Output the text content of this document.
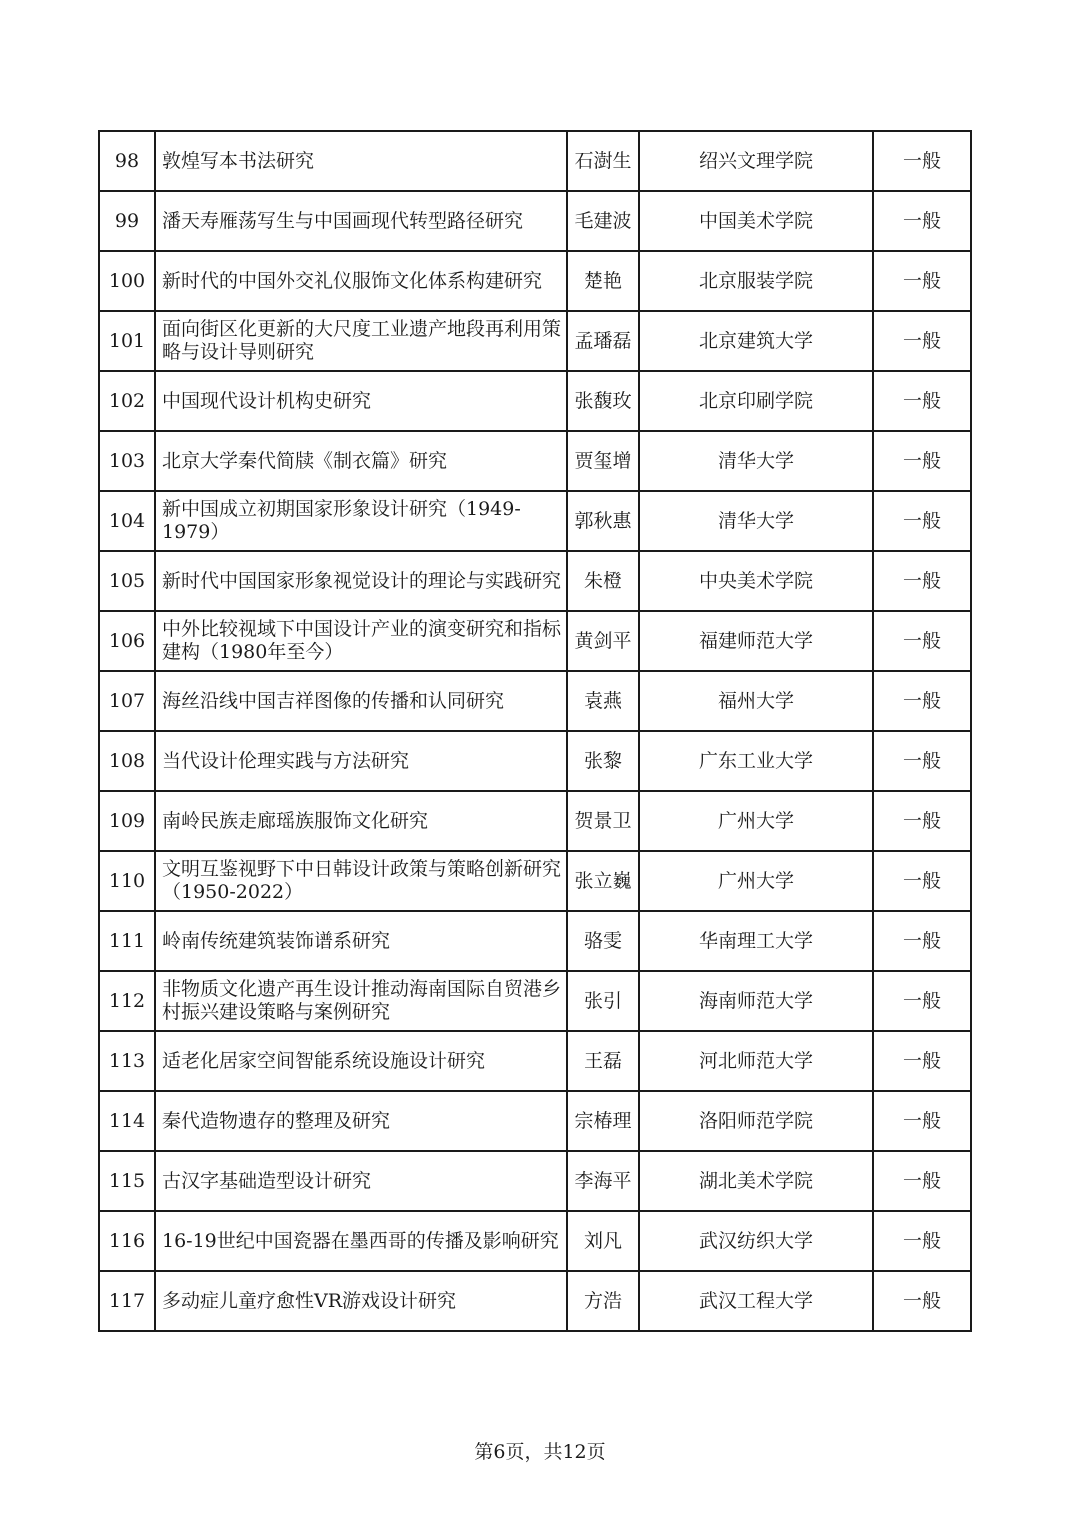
98	敦煌写本书法研究	石澍生	绍兴文理学院	一般
99	潘天寿雁荡写生与中国画现代转型路径研究	毛建波	中国美术学院	一般
100	新时代的中国外交礼仪服饰文化体系构建研究	楚艳	北京服装学院	一般
101	面向街区化更新的大尺度工业遗产地段再利用策略与设计导则研究	孟璠磊	北京建筑大学	一般
102	中国现代设计机构史研究	张馥玫	北京印刷学院	一般
103	北京大学秦代简牍《制衣篇》研究	贾玺增	清华大学	一般
104	新中国成立初期国家形象设计研究（1949-1979）	郭秋惠	清华大学	一般
105	新时代中国国家形象视觉设计的理论与实践研究	朱橙	中央美术学院	一般
106	中外比较视域下中国设计产业的演变研究和指标建构（1980年至今）	黄剑平	福建师范大学	一般
107	海丝沿线中国吉祥图像的传播和认同研究	袁燕	福州大学	一般
108	当代设计伦理实践与方法研究	张黎	广东工业大学	一般
109	南岭民族走廊瑶族服饰文化研究	贺景卫	广州大学	一般
110	文明互鉴视野下中日韩设计政策与策略创新研究（1950-2022）	张立巍	广州大学	一般
111	岭南传统建筑装饰谱系研究	骆雯	华南理工大学	一般
112	非物质文化遗产再生设计推动海南国际自贸港乡村振兴建设策略与案例研究	张引	海南师范大学	一般
113	适老化居家空间智能系统设施设计研究	王磊	河北师范大学	一般
114	秦代造物遗存的整理及研究	宗椿理	洛阳师范学院	一般
115	古汉字基础造型设计研究	李海平	湖北美术学院	一般
116	16-19世纪中国瓷器在墨西哥的传播及影响研究	刘凡	武汉纺织大学	一般
117	多动症儿童疗愈性VR游戏设计研究	方浩	武汉工程大学	一般
第6页，共12页
